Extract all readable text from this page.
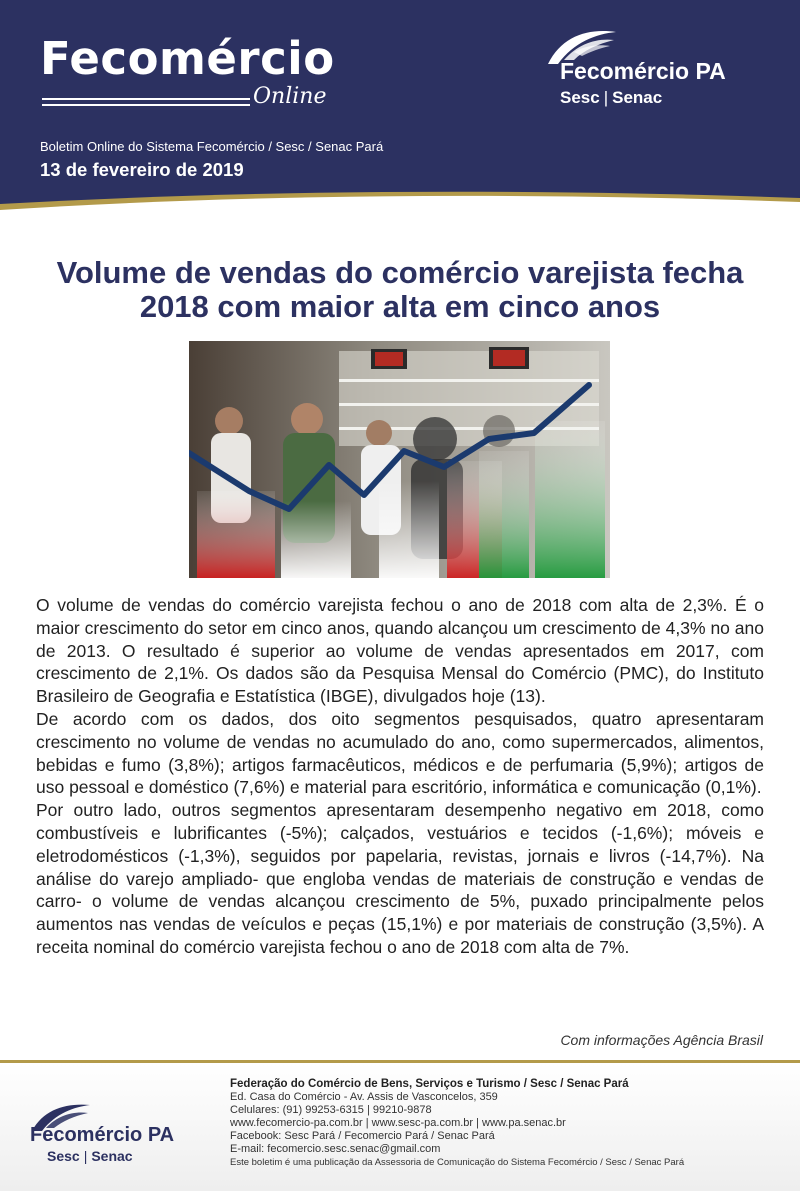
Fecomércio
Online
Fecomércio PA
Sesc | Senac
Boletim Online do Sistema Fecomércio / Sesc / Senac Pará
13 de fevereiro de 2019
Volume de vendas do comércio varejista fecha
2018 com maior alta em cinco anos

O volume de vendas do comércio varejista fechou o ano de 2018 com alta de 2,3%. É o maior crescimento do setor em cinco anos, quando alcançou um crescimento de 4,3% no ano de 2013. O resultado é superior ao volume de vendas apresentados em 2017, com crescimento de 2,1%. Os dados são da Pesquisa Mensal do Comércio (PMC), do Instituto Brasileiro de Geografia e Estatística (IBGE), divulgados hoje (13).

De acordo com os dados, dos oito segmentos pesquisados, quatro apresentaram crescimento no volume de vendas no acumulado do ano, como supermercados, alimentos, bebidas e fumo (3,8%); artigos farmacêuticos, médicos e de perfumaria (5,9%); artigos de uso pessoal e doméstico (7,6%) e material para escritório, informática e comunicação (0,1%).

Por outro lado, outros segmentos apresentaram desempenho negativo em 2018, como combustíveis e lubrificantes (-5%); calçados, vestuários e tecidos (-1,6%); móveis e eletrodomésticos (-1,3%), seguidos por papelaria, revistas, jornais e livros (-14,7%). Na análise do varejo ampliado- que engloba vendas de materiais de construção e vendas de carro- o volume de vendas alcançou crescimento de 5%, puxado principalmente pelos aumentos nas vendas de veículos e peças (15,1%) e por materiais de construção (3,5%). A receita nominal do comércio varejista fechou o ano de 2018 com alta de 7%.

Com informações Agência Brasil
Fecomércio PA
Sesc | Senac
Federação do Comércio de Bens, Serviços e Turismo / Sesc / Senac Pará
Ed. Casa do Comércio - Av. Assis de Vasconcelos, 359
Celulares: (91) 99253-6315 | 99210-9878
www.fecomercio-pa.com.br | www.sesc-pa.com.br | www.pa.senac.br
Facebook: Sesc Pará / Fecomercio Pará / Senac Pará
E-mail: fecomercio.sesc.senac@gmail.com
Este boletim é uma publicação da Assessoria de Comunicação do Sistema Fecomércio / Sesc / Senac Pará
